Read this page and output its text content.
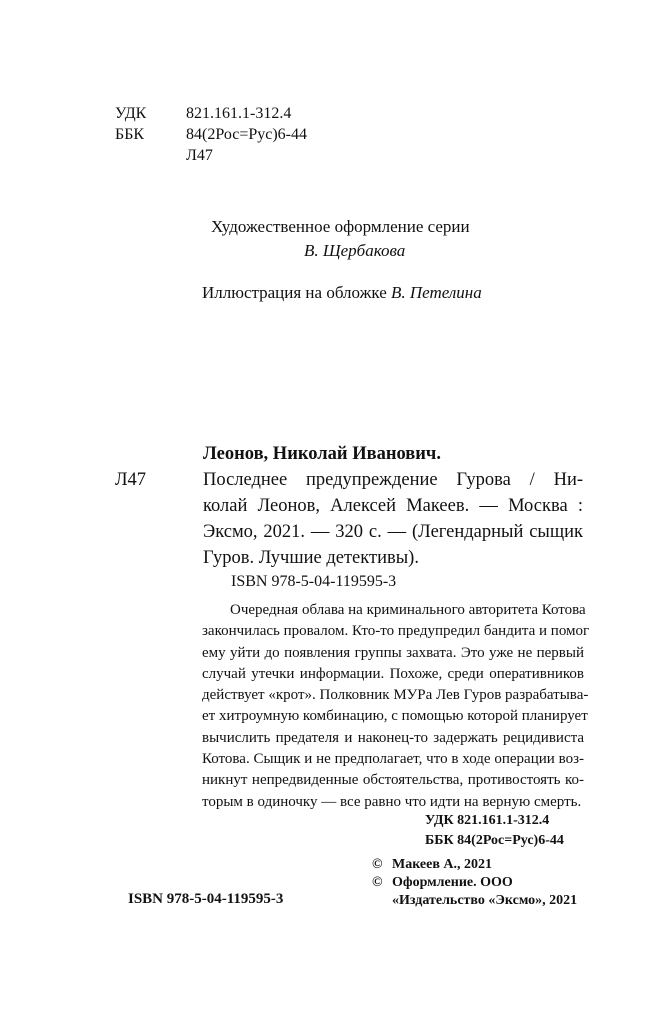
УДК 821.161.1-312.4
ББК	84(2Рос=Рус)6-44
Л47
Художественное оформление серии
В. Щербакова
Иллюстрация на обложке В. Петелина
Леонов, Николай Иванович.
Л47	Последнее предупреждение Гурова / Ни-
колай Леонов, Алексей Макеев. — Москва :
Эксмо, 2021. — 320 с. — (Легендарный сыщик
Гуров. Лучшие детективы).
ISBN 978-5-04-119595-3
Очередная облава на криминального авторитета Котова
закончилась провалом. Кто-то предупредил бандита и помог
ему уйти до появления группы захвата. Это уже не первый
случай утечки информации. Похоже, среди оперативников
действует «крот». Полковник МУРа Лев Гуров разрабатыва-
ет хитроумную комбинацию, с помощью которой планирует
вычислить предателя и наконец-то задержать рецидивиста
Котова. Сыщик и не предполагает, что в ходе операции воз-
никнут непредвиденные обстоятельства, противостоять ко-
торым в одиночку — все равно что идти на верную смерть.
УДК 821.161.1-312.4
ББК 84(2Рос=Рус)6-44
ISBN 978-5-04-119595-3
© Макеев А., 2021
© Оформление. ООО
«Издательство «Эксмо», 2021
